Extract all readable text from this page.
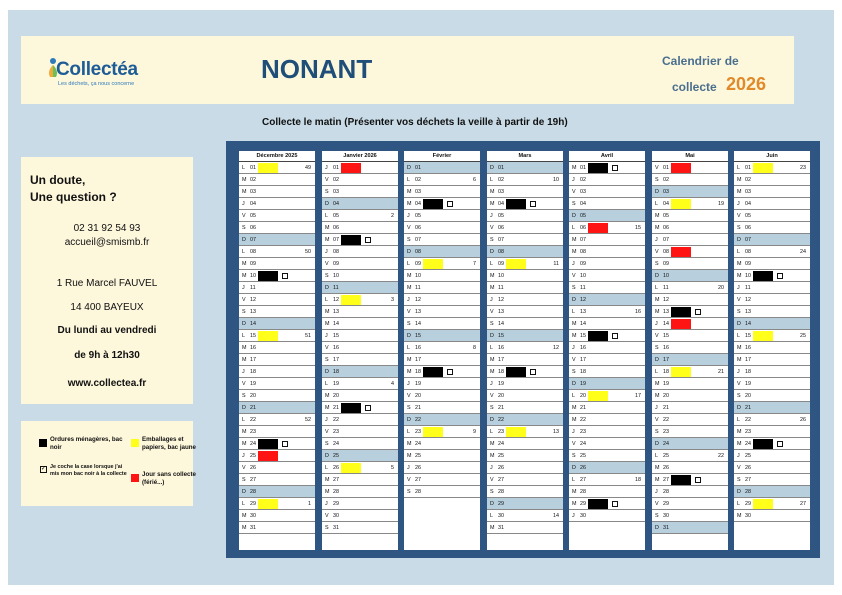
Collectéa
Les déchets, ça nous concerne	NONANT	Calendrier de
collecte 2026
Collecte le matin (Présenter vos déchets la veille à partir de 19h)
Un doute,
Une question ?
02 31 92 54 93
accueil@smismb.fr
1 Rue Marcel FAUVEL
14 400 BAYEUX
Du lundi au vendredi
de 9h à 12h30
www.collectea.fr
Ordures ménagères, bac noir
Emballages et papiers, bac jaune
✓ Je coche la case lorsque j'ai mis mon bac noir à la collecte	Jour sans collecte (férié...)
Décembre 2025
L 01	49
M 02
M 03
J 04
V 05
S 06
D 07
L 08	50
M 09
M 10
J 11
V 12
S 13
D 14
L 15	51
M 16
M 17
J 18
V 19
S 20
D 21
L 22	52
M 23
M 24
J 25
V 26
S 27
D 28
L 29	1
M 30
M 31
Janvier 2026
J 01
V 02
S 03
D 04
L 05	2
M 06
M 07
J 08
V 09
S 10
D 11
L 12	3
M 13
M 14
J 15
V 16
S 17
D 18
L 19	4
M 20
M 21
J 22
V 23
S 24
D 25
L 26	5
M 27
M 28
J 29
V 30
S 31
Février
D 01
L 02	6
M 03
M 04
J 05
V 06
S 07
D 08
L 09	7
M 10
M 11
J 12
V 13
S 14
D 15
L 16	8
M 17
M 18
J 19
V 20
S 21
D 22
L 23	9
M 24
M 25
J 26
V 27
S 28
Mars
D 01
L 02	10
M 03
M 04
J 05
V 06
S 07
D 08
L 09	11
M 10
M 11
J 12
V 13
S 14
D 15
L 16	12
M 17
M 18
J 19
V 20
S 21
D 22
L 23	13
M 24
M 25
J 26
V 27
S 28
D 29
L 30	14
M 31
Avril
M 01
J 02
V 03
S 04
D 05
L 06	15
M 07
M 08
J 09
V 10
S 11
D 12
L 13	16
M 14
M 15
J 16
V 17
S 18
D 19
L 20	17
M 21
M 22
J 23
V 24
S 25
D 26
L 27	18
M 28
M 29
J 30
Mai
V 01
S 02
D 03
L 04	19
M 05
M 06
J 07
V 08
S 09
D 10
L 11	20
M 12
M 13
J 14
V 15
S 16
D 17
L 18	21
M 19
M 20
J 21
V 22
S 23
D 24
L 25	22
M 26
M 27
J 28
V 29
S 30
D 31
Juin
L 01	23
M 02
M 03
J 04
V 05
S 06
D 07
L 08	24
M 09
M 10
J 11
V 12
S 13
D 14
L 15	25
M 16
M 17
J 18
V 19
S 20
D 21
L 22	26
M 23
M 24
J 25
V 26
S 27
D 28
L 29	27
M 30
